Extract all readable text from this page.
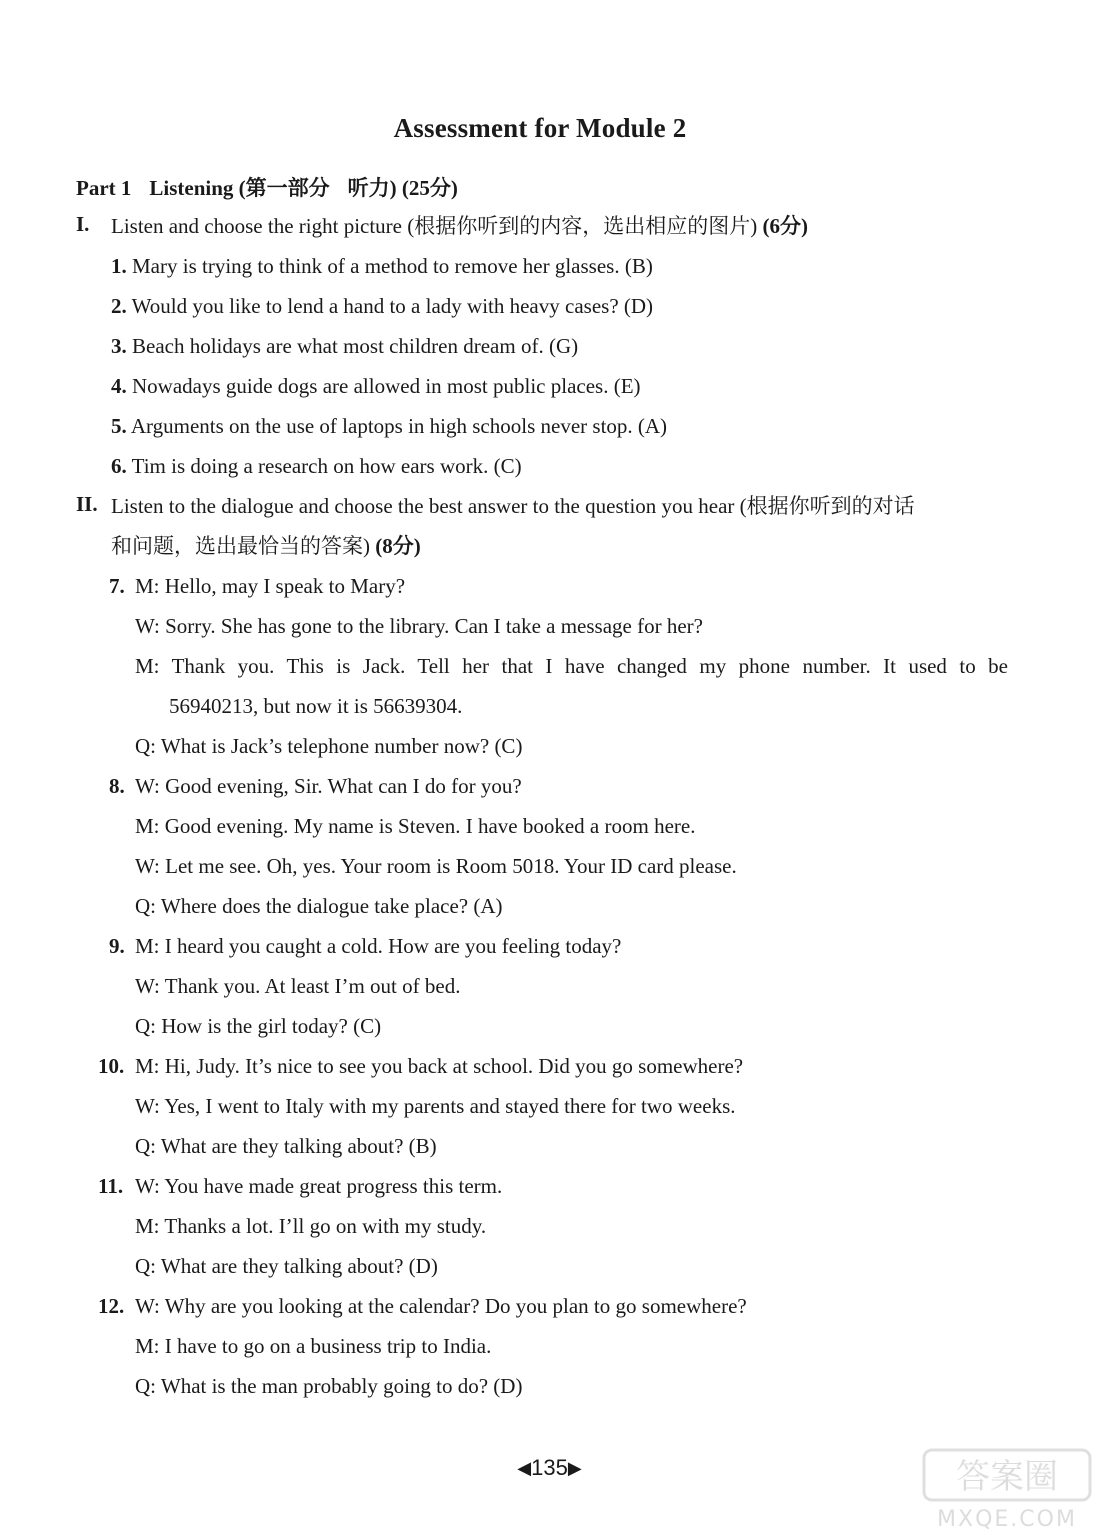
Assessment for Module 2
Part 1 Listening (第一部分 听力) (25分)
I. Listen and choose the right picture (根据你听到的内容，选出相应的图片) (6分)
1. Mary is trying to think of a method to remove her glasses. (B)
2. Would you like to lend a hand to a lady with heavy cases? (D)
3. Beach holidays are what most children dream of. (G)
4. Nowadays guide dogs are allowed in most public places. (E)
5. Arguments on the use of laptops in high schools never stop. (A)
6. Tim is doing a research on how ears work. (C)
II. Listen to the dialogue and choose the best answer to the question you hear (根据你听到的对话
和问题，选出最恰当的答案) (8分)
7. M: Hello, may I speak to Mary?
W: Sorry. She has gone to the library. Can I take a message for her?
M: Thank you. This is Jack. Tell her that I have changed my phone number. It used to be
56940213, but now it is 56639304.
Q: What is Jack’s telephone number now? (C)
8. W: Good evening, Sir. What can I do for you?
M: Good evening. My name is Steven. I have booked a room here.
W: Let me see. Oh, yes. Your room is Room 5018. Your ID card please.
Q: Where does the dialogue take place? (A)
9. M: I heard you caught a cold. How are you feeling today?
W: Thank you. At least I’m out of bed.
Q: How is the girl today? (C)
10. M: Hi, Judy. It’s nice to see you back at school. Did you go somewhere?
W: Yes, I went to Italy with my parents and stayed there for two weeks.
Q: What are they talking about? (B)
11. W: You have made great progress this term.
M: Thanks a lot. I’ll go on with my study.
Q: What are they talking about? (D)
12. W: Why are you looking at the calendar? Do you plan to go somewhere?
M: I have to go on a business trip to India.
Q: What is the man probably going to do? (D)
◀135▶	答案圈
MXQE.COM
